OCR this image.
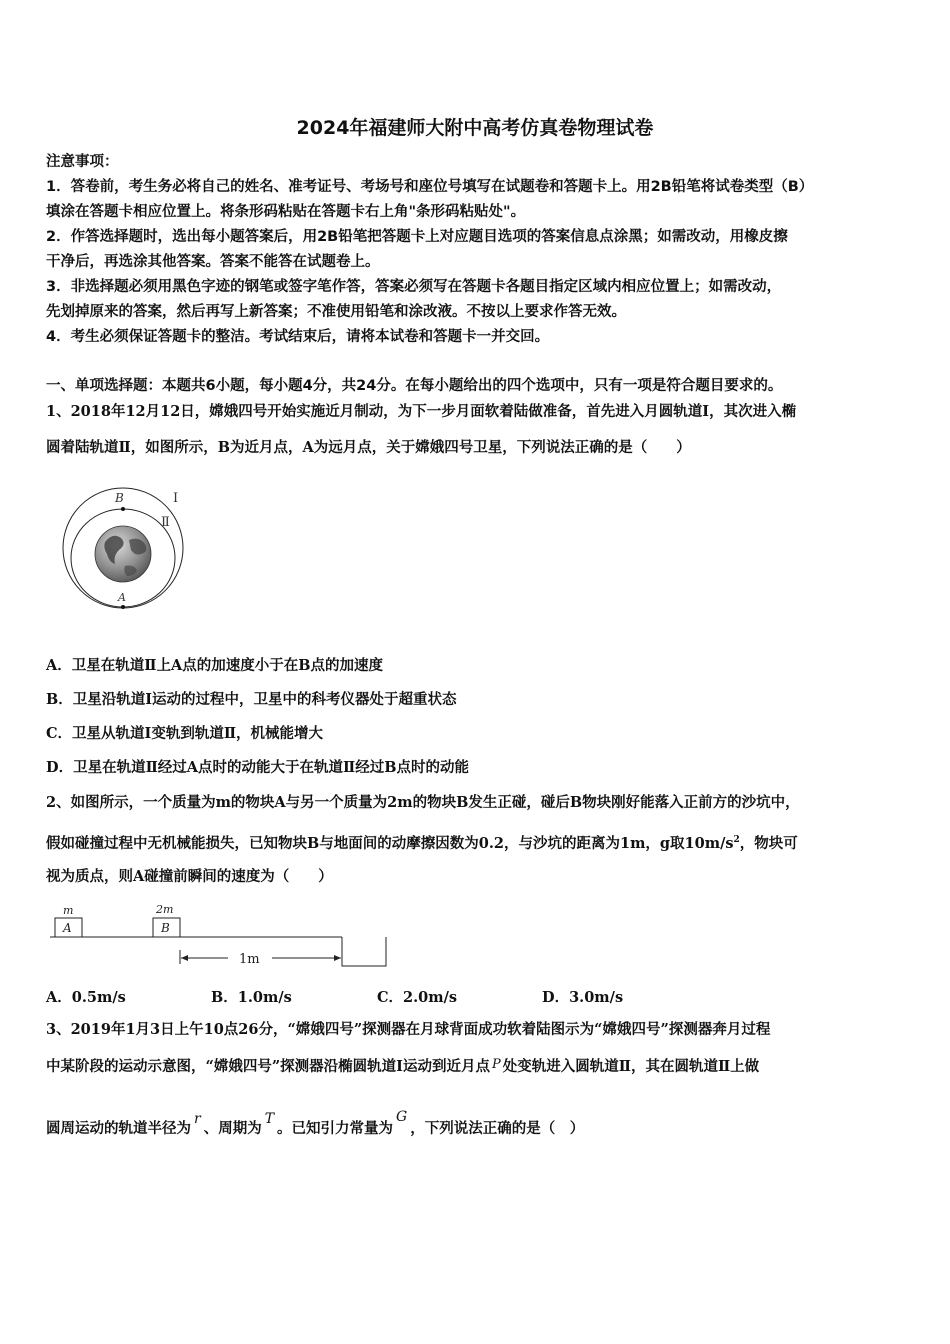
2024年福建师大附中高考仿真卷物理试卷
注意事项：
1．答卷前，考生务必将自己的姓名、准考证号、考场号和座位号填写在试题卷和答题卡上。用2B铅笔将试卷类型（B）
填涂在答题卡相应位置上。将条形码粘贴在答题卡右上角"条形码粘贴处"。
2．作答选择题时，选出每小题答案后，用2B铅笔把答题卡上对应题目选项的答案信息点涂黑；如需改动，用橡皮擦
干净后，再选涂其他答案。答案不能答在试题卷上。
3．非选择题必须用黑色字迹的钢笔或签字笔作答，答案必须写在答题卡各题目指定区域内相应位置上；如需改动，
先划掉原来的答案，然后再写上新答案；不准使用铅笔和涂改液。不按以上要求作答无效。
4．考生必须保证答题卡的整洁。考试结束后，请将本试卷和答题卡一并交回。
一、单项选择题：本题共6小题，每小题4分，共24分。在每小题给出的四个选项中，只有一项是符合题目要求的。
1、2018年12月12日，嫦娥四号开始实施近月制动，为下一步月面软着陆做准备，首先进入月圆轨道Ⅰ，其次进入椭
圆着陆轨道Ⅱ，如图所示，B为近月点，A为远月点，关于嫦娥四号卫星，下列说法正确的是（　　）
B
A
Ⅰ
Ⅱ
A．卫星在轨道Ⅱ上A点的加速度小于在B点的加速度
B．卫星沿轨道Ⅰ运动的过程中，卫星中的科考仪器处于超重状态
C．卫星从轨道Ⅰ变轨到轨道Ⅱ，机械能增大
D．卫星在轨道Ⅱ经过A点时的动能大于在轨道Ⅱ经过B点时的动能
2、如图所示，一个质量为m的物块A与另一个质量为2m的物块B发生正碰，碰后B物块刚好能落入正前方的沙坑中，
假如碰撞过程中无机械能损失，已知物块B与地面间的动摩擦因数为0.2，与沙坑的距离为1m，g取$10m/s^2$，物块可
视为质点，则A碰撞前瞬间的速度为（　　）
A	B
m	2m
1m
A．0.5m/s	B．1.0m/s	C．2.0m/s	D．3.0m/s
3、2019年1月3日上午10点26分，“嫦娥四号”探测器在月球背面成功软着陆图示为“嫦娥四号”探测器奔月过程
中某阶段的运动示意图，“嫦娥四号”探测器沿椭圆轨道Ⅰ运动到近月点 P 处变轨进入圆轨道Ⅱ，其在圆轨道Ⅱ上做
圆周运动的轨道半径为r、周期为T。已知引力常量为G，下列说法正确的是（　）
